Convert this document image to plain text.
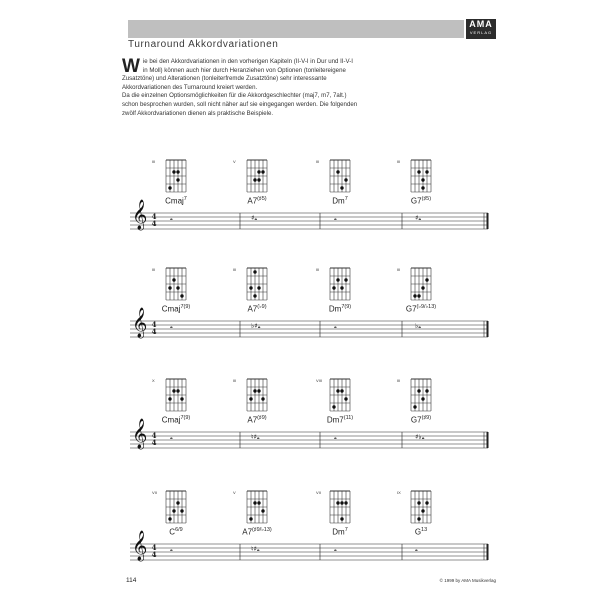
AMA
VERLAG
Turnaround Akkordvariationen

Wie bei den Akkordvariationen in den vorherigen Kapiteln (II-V-I in Dur und II-V-I in Moll) können auch hier durch Heranziehen von Optionen (tonleitereigene Zusatztöne) und Alterationen (tonleiterfremde Zusatztöne) sehr interessante Akkordvariationen des Turnaround kreiert werden.

Da die einzelnen Optionsmöglichkeiten für die Akkordgeschlechter (maj7, m7, 7alt.) schon besprochen wurden, soll nicht näher auf sie eingegangen werden. Die folgenden zwölf Akkordvariationen dienen als praktische Beispiele.

III
Cmaj$^7$
V
$A7^{(♯5)}$
III
Dm$^7$
III
$G7^{(♯5)}$
𝄞 4
4
𝅝	♯𝅝	𝅝	♯𝅝
III
Cmaj$^{7(9)}$
III
$A7^{(♭9)}$
III
$Dm^{7(9)}$
III
$G7^{(♭9/♭13)}$
𝄞 4
4
𝅝	♭♯𝅝	𝅝	♭𝅝
X
Cmaj$^{7(9)}$
III
$A7^{(♯9)}$
VIII
Dm7$^{(11)}$
III
$G7^{(♯9)}$
𝄞 4
4
𝅝	♮♯𝅝	𝅝	♯♭𝅝
VII
$C^{6/9}$
V
$A7^{(♯9/♭13)}$
VII
Dm$^7$
IX
$G^{13}$
𝄞 4
4
𝅝	♮♯𝅝	𝅝	𝅝
114	© 1999 by AMA Musikverlag
